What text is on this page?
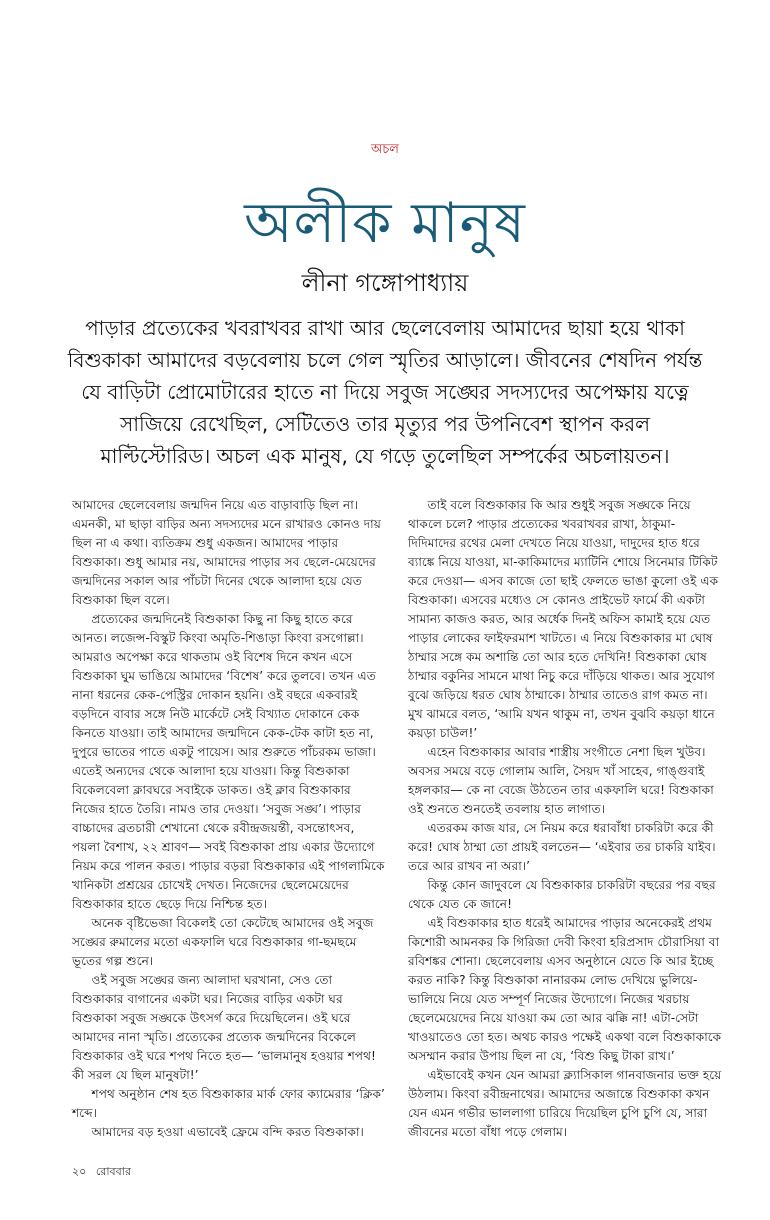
অচল
অলীক মানুষ
লীনা গঙ্গোপাধ্যায়
পাড়ার প্রত্যেকের খবরাখবর রাখা আর ছেলেবেলায় আমাদের ছায়া হয়ে থাকা বিশুকাকা আমাদের বড়বেলায় চলে গেল স্মৃতির আড়ালে। জীবনের শেষদিন পর্যন্ত যে বাড়িটা প্রোমোটারের হাতে না দিয়ে সবুজ সঙ্ঘের সদস্যদের অপেক্ষায় যত্নে সাজিয়ে রেখেছিল, সেটিতেও তার মৃত্যুর পর উপনিবেশ স্থাপন করল মাল্টিস্টোরিড। অচল এক মানুষ, যে গড়ে তুলেছিল সম্পর্কের অচলায়তন।

আমাদের ছেলেবেলায় জন্মদিন নিয়ে এত বাড়াবাড়ি ছিল না। এমনকী, মা ছাড়া বাড়ির অন্য সদস্যদের মনে রাখারও কোনও দায় ছিল না এ কথা। ব্যতিক্রম শুধু একজন। আমাদের পাড়ার বিশুকাকা। শুধু আমার নয়, আমাদের পাড়ার সব ছেলে-মেয়েদের জন্মদিনের সকাল আর পাঁচটা দিনের থেকে আলাদা হয়ে যেত বিশুকাকা ছিল বলে।

প্রত্যেকের জন্মদিনেই বিশুকাকা কিছু না কিছু হাতে করে আনত। লজেন্স-বিস্কুট কিংবা অমৃতি-শিঙাড়া কিংবা রসগোল্লা। আমরাও অপেক্ষা করে থাকতাম ওই বিশেষ দিনে কখন এসে বিশুকাকা ঘুম ভাঙিয়ে আমাদের ‘বিশেষ’ করে তুলবে। তখন এত নানা ধরনের কেক-পেস্ট্রির দোকান হয়নি। ওই বছরে একবারই বড়দিনে বাবার সঙ্গে নিউ মার্কেটে সেই বিখ্যাত দোকানে কেক কিনতে যাওয়া। তাই আমাদের জন্মদিনে কেক-টেক কাটা হত না, দুপুরে ভাতের পাতে একটু পায়েস। আর শুরুতে পাঁচরকম ভাজা। এতেই অন্যদের থেকে আলাদা হয়ে যাওয়া। কিন্তু বিশুকাকা বিকেলবেলা ক্লাবঘরে সবাইকে ডাকত। ওই ক্লাব বিশুকাকার নিজের হাতে তৈরি। নামও তার দেওয়া। ‘সবুজ সঙ্ঘ’। পাড়ার বাচ্চাদের ব্রতচারী শেখানো থেকে রবীন্দ্রজয়ন্তী, বসন্তোৎসব, পয়লা বৈশাখ, ২২ শ্রাবণ— সবই বিশুকাকা প্রায় একার উদ্যোগে নিয়ম করে পালন করত। পাড়ার বড়রা বিশুকাকার এই পাগলামিকে খানিকটা প্রশ্রয়ের চোখেই দেখত। নিজেদের ছেলেমেয়েদের বিশুকাকার হাতে ছেড়ে দিয়ে নিশ্চিন্ত হত।

অনেক বৃষ্টিভেজা বিকেলই তো কেটেছে আমাদের ওই সবুজ সঙ্ঘের রুমালের মতো একফালি ঘরে বিশুকাকার গা-ছমছমে ভূতের গল্প শুনে।

ওই সবুজ সঙ্ঘের জন্য আলাদা ঘরখানা, সেও তো বিশুকাকার বাগানের একটা ঘর। নিজের বাড়ির একটা ঘর বিশুকাকা সবুজ সঙ্ঘকে উৎসর্গ করে দিয়েছিলেন। ওই ঘরে আমাদের নানা স্মৃতি। প্রত্যেকের প্রত্যেক জন্মদিনের বিকেলে বিশুকাকার ওই ঘরে শপথ নিতে হত— ‘ভালমানুষ হওয়ার শপথ! কী সরল যে ছিল মানুষটা!’

শপথ অনুষ্ঠান শেষ হত বিশুকাকার মার্ক ফোর ক্যামেরার ‘ক্লিক’ শব্দে।

আমাদের বড় হওয়া এভাবেই ফ্রেমে বন্দি করত বিশুকাকা।

তাই বলে বিশুকাকার কি আর শুধুই সবুজ সঙ্ঘকে নিয়ে থাকলে চলে? পাড়ার প্রত্যেকের খবরাখবর রাখা, ঠাকুমা-দিদিমাদের রথের মেলা দেখতে নিয়ে যাওয়া, দাদুদের হাত ধরে ব্যাঙ্কে নিয়ে যাওয়া, মা-কাকিমাদের ম্যাটিনি শোয়ে সিনেমার টিকিট করে দেওয়া— এসব কাজে তো ছাই ফেলতে ভাঙা কুলো ওই এক বিশুকাকা। এসবের মধ্যেও সে কোনও প্রাইভেট ফার্মে কী একটা সামান্য কাজও করত, আর অর্ধেক দিনই অফিস কামাই হয়ে যেত পাড়ার লোকের ফাইফরমাশ খাটতে। এ নিয়ে বিশুকাকার মা ঘোষ ঠাম্মার সঙ্গে কম অশান্তি তো আর হতে দেখিনি! বিশুকাকা ঘোষ ঠাম্মার বকুনির সামনে মাথা নিচু করে দাঁড়িয়ে থাকত। আর সুযোগ বুঝে জড়িয়ে ধরত ঘোষ ঠাম্মাকে। ঠাম্মার তাতেও রাগ কমত না। মুখ ঝামরে বলত, ‘আমি যখন থাকুম না, তখন বুঝবি কয়ড়া ধানে কয়ড়া চাউল!’

এহেন বিশুকাকার আবার শাস্ত্রীয় সংগীতে নেশা ছিল খুউব। অবসর সময়ে বড়ে গোলাম আলি, সৈয়দ খাঁ সাহেব, গাঙ্গুবাই হঙ্গলকার— কে না বেজে উঠতেন তার একফালি ঘরে! বিশুকাকা ওই শুনতে শুনতেই তবলায় হাত লাগাত।

এতরকম কাজ যার, সে নিয়ম করে ধরাবাঁধা চাকরিটা করে কী করে! ঘোষ ঠাম্মা তো প্রায়ই বলতেন— ‘এইবার তর চাকরি যাইব। তরে আর রাখব না অরা।’

কিন্তু কোন জাদুবলে যে বিশুকাকার চাকরিটা বছরের পর বছর থেকে যেত কে জানে!

এই বিশুকাকার হাত ধরেই আমাদের পাড়ার অনেকেরই প্রথম কিশোরী আমনকর কি গিরিজা দেবী কিংবা হরিপ্রসাদ চৌরাসিয়া বা রবিশঙ্কর শোনা। ছেলেবেলায় এসব অনুষ্ঠানে যেতে কি আর ইচ্ছে করত নাকি? কিন্তু বিশুকাকা নানারকম লোভ দেখিয়ে ভুলিয়ে-ভালিয়ে নিয়ে যেত সম্পূর্ণ নিজের উদ্যোগে। নিজের খরচায় ছেলেমেয়েদের নিয়ে যাওয়া কম তো আর ঝক্কি না! এটা-সেটা খাওয়াতেও তো হত। অথচ কারও পক্ষেই একথা বলে বিশুকাকাকে অসম্মান করার উপায় ছিল না যে, ‘বিশু কিছু টাকা রাখ।’

এইভাবেই কখন যেন আমরা ক্ল্যাসিকাল গানবাজনার ভক্ত হয়ে উঠলাম। কিংবা রবীন্দ্রনাথের। আমাদের অজান্তে বিশুকাকা কখন যেন এমন গভীর ভাললাগা চারিয়ে দিয়েছিল চুপি চুপি যে, সারা জীবনের মতো বাঁধা পড়ে গেলাম।

২০ রোববার
